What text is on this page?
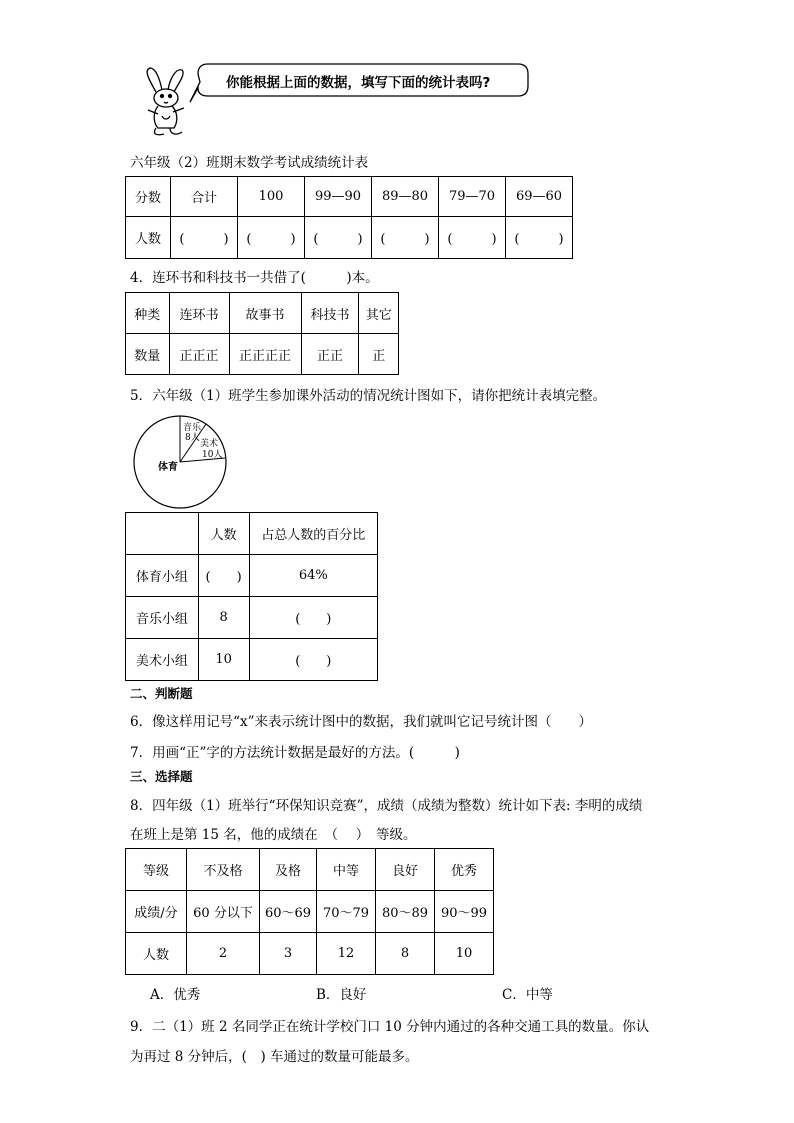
你能根据上面的数据，填写下面的统计表吗?
六年级（2）班期末数学考试成绩统计表
分数	合计	100	99—90	89—80	79—70	69—60
人数	(　　　)	(　　　)	(　　　)	(　　　)	(　　　)	(　　　)
4．连环书和科技书一共借了(　　　)本。
种类	连环书	故事书	科技书	其它
数量	正正正	正正正正	正正	正
5．六年级（1）班学生参加课外活动的情况统计图如下，请你把统计表填完整。
音乐
8人
美术
10人
体育
	人数	占总人数的百分比
体育小组	(　　)	64%
音乐小组	8	(　　)
美术小组	10	(　　)
二、判断题
6．像这样用记号“x”来表示统计图中的数据，我们就叫它记号统计图（　　）
7．用画“正”字的方法统计数据是最好的方法。(　　　)
三、选择题
8．四年级（1）班举行“环保知识竞赛”，成绩（成绩为整数）统计如下表: 李明的成绩
在班上是第 15 名，他的成绩在　（　 ）　等级。
等级	不及格	及格	中等	良好	优秀
成绩/分	60 分以下	60～69	70～79	80～89	90～99
人数	2	3	12	8	10
A．优秀	B．良好	C．中等
9．二（1）班 2 名同学正在统计学校门口 10 分钟内通过的各种交通工具的数量。你认
为再过 8 分钟后，(　) 车通过的数量可能最多。
